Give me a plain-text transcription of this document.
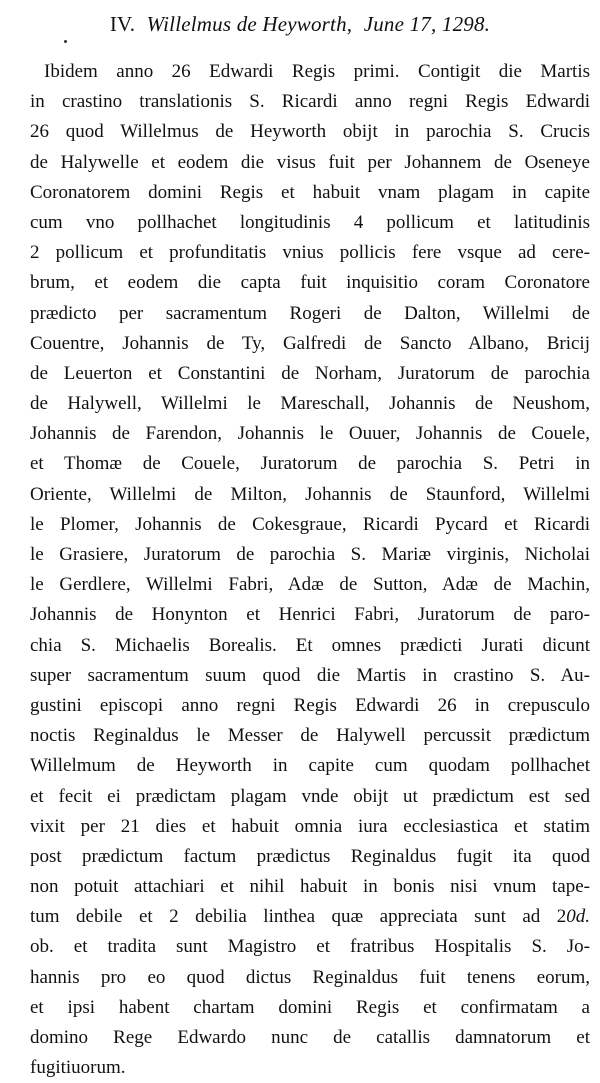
IV. Willelmus de Heyworth, June 17, 1298.
Ibidem anno 26 Edwardi Regis primi. Contigit die Martis
in crastino translationis S. Ricardi anno regni Regis Edwardi
26 quod Willelmus de Heyworth obijt in parochia S. Crucis
de Halywelle et eodem die visus fuit per Johannem de Oseneye
Coronatorem domini Regis et habuit vnam plagam in capite
cum vno pollhachet longitudinis 4 pollicum et latitudinis
2 pollicum et profunditatis vnius pollicis fere vsque ad cere-
brum, et eodem die capta fuit inquisitio coram Coronatore
prædicto per sacramentum Rogeri de Dalton, Willelmi de
Couentre, Johannis de Ty, Galfredi de Sancto Albano, Bricij
de Leuerton et Constantini de Norham, Juratorum de parochia
de Halywell, Willelmi le Mareschall, Johannis de Neushom,
Johannis de Farendon, Johannis le Ouuer, Johannis de Couele,
et Thomæ de Couele, Juratorum de parochia S. Petri in
Oriente, Willelmi de Milton, Johannis de Staunford, Willelmi
le Plomer, Johannis de Cokesgraue, Ricardi Pycard et Ricardi
le Grasiere, Juratorum de parochia S. Mariæ virginis, Nicholai
le Gerdlere, Willelmi Fabri, Adæ de Sutton, Adæ de Machin,
Johannis de Honynton et Henrici Fabri, Juratorum de paro-
chia S. Michaelis Borealis. Et omnes prædicti Jurati dicunt
super sacramentum suum quod die Martis in crastino S. Au-
gustini episcopi anno regni Regis Edwardi 26 in crepusculo
noctis Reginaldus le Messer de Halywell percussit prædictum
Willelmum de Heyworth in capite cum quodam pollhachet
et fecit ei prædictam plagam vnde obijt ut prædictum est sed
vixit per 21 dies et habuit omnia iura ecclesiastica et statim
post prædictum factum prædictus Reginaldus fugit ita quod
non potuit attachiari et nihil habuit in bonis nisi vnum tape-
tum debile et 2 debilia linthea quæ appreciata sunt ad 20d.
ob. et tradita sunt Magistro et fratribus Hospitalis S. Jo-
hannis pro eo quod dictus Reginaldus fuit tenens eorum,
et ipsi habent chartam domini Regis et confirmatam a
domino Rege Edwardo nunc de catallis damnatorum et
fugitiuorum.
